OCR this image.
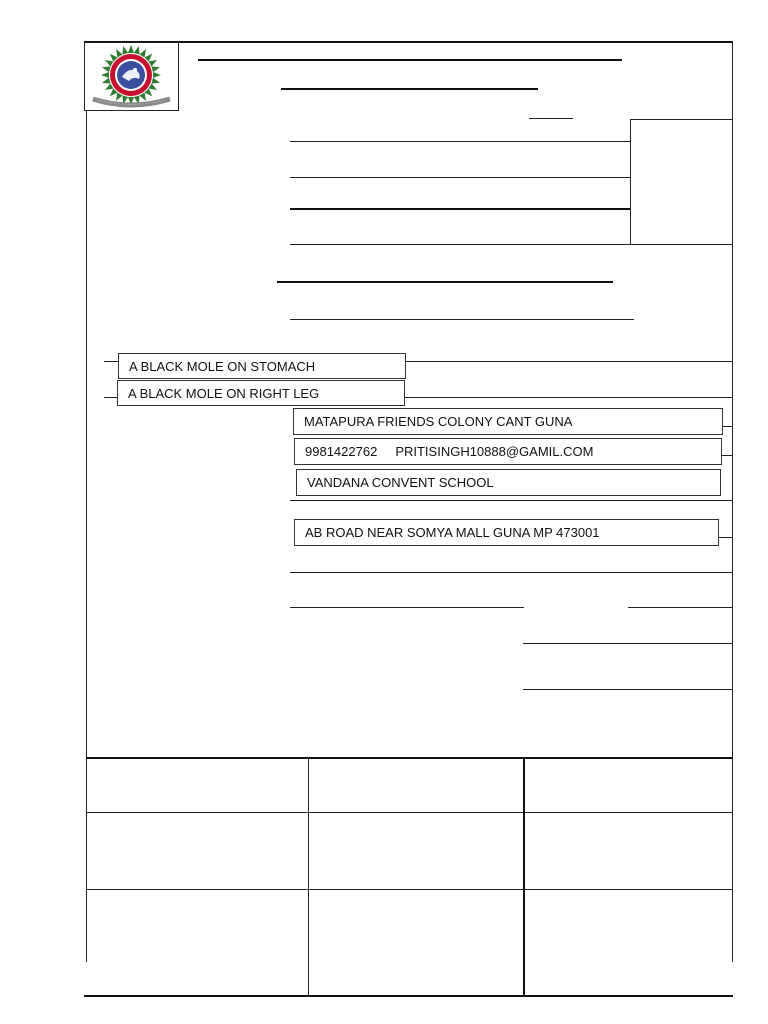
A BLACK MOLE ON STOMACH
A BLACK MOLE ON RIGHT LEG
MATAPURA FRIENDS COLONY CANT GUNA
9981422762 PRITISINGH10888@GAMIL.COM
VANDANA CONVENT SCHOOL
AB ROAD NEAR SOMYA MALL GUNA MP 473001
